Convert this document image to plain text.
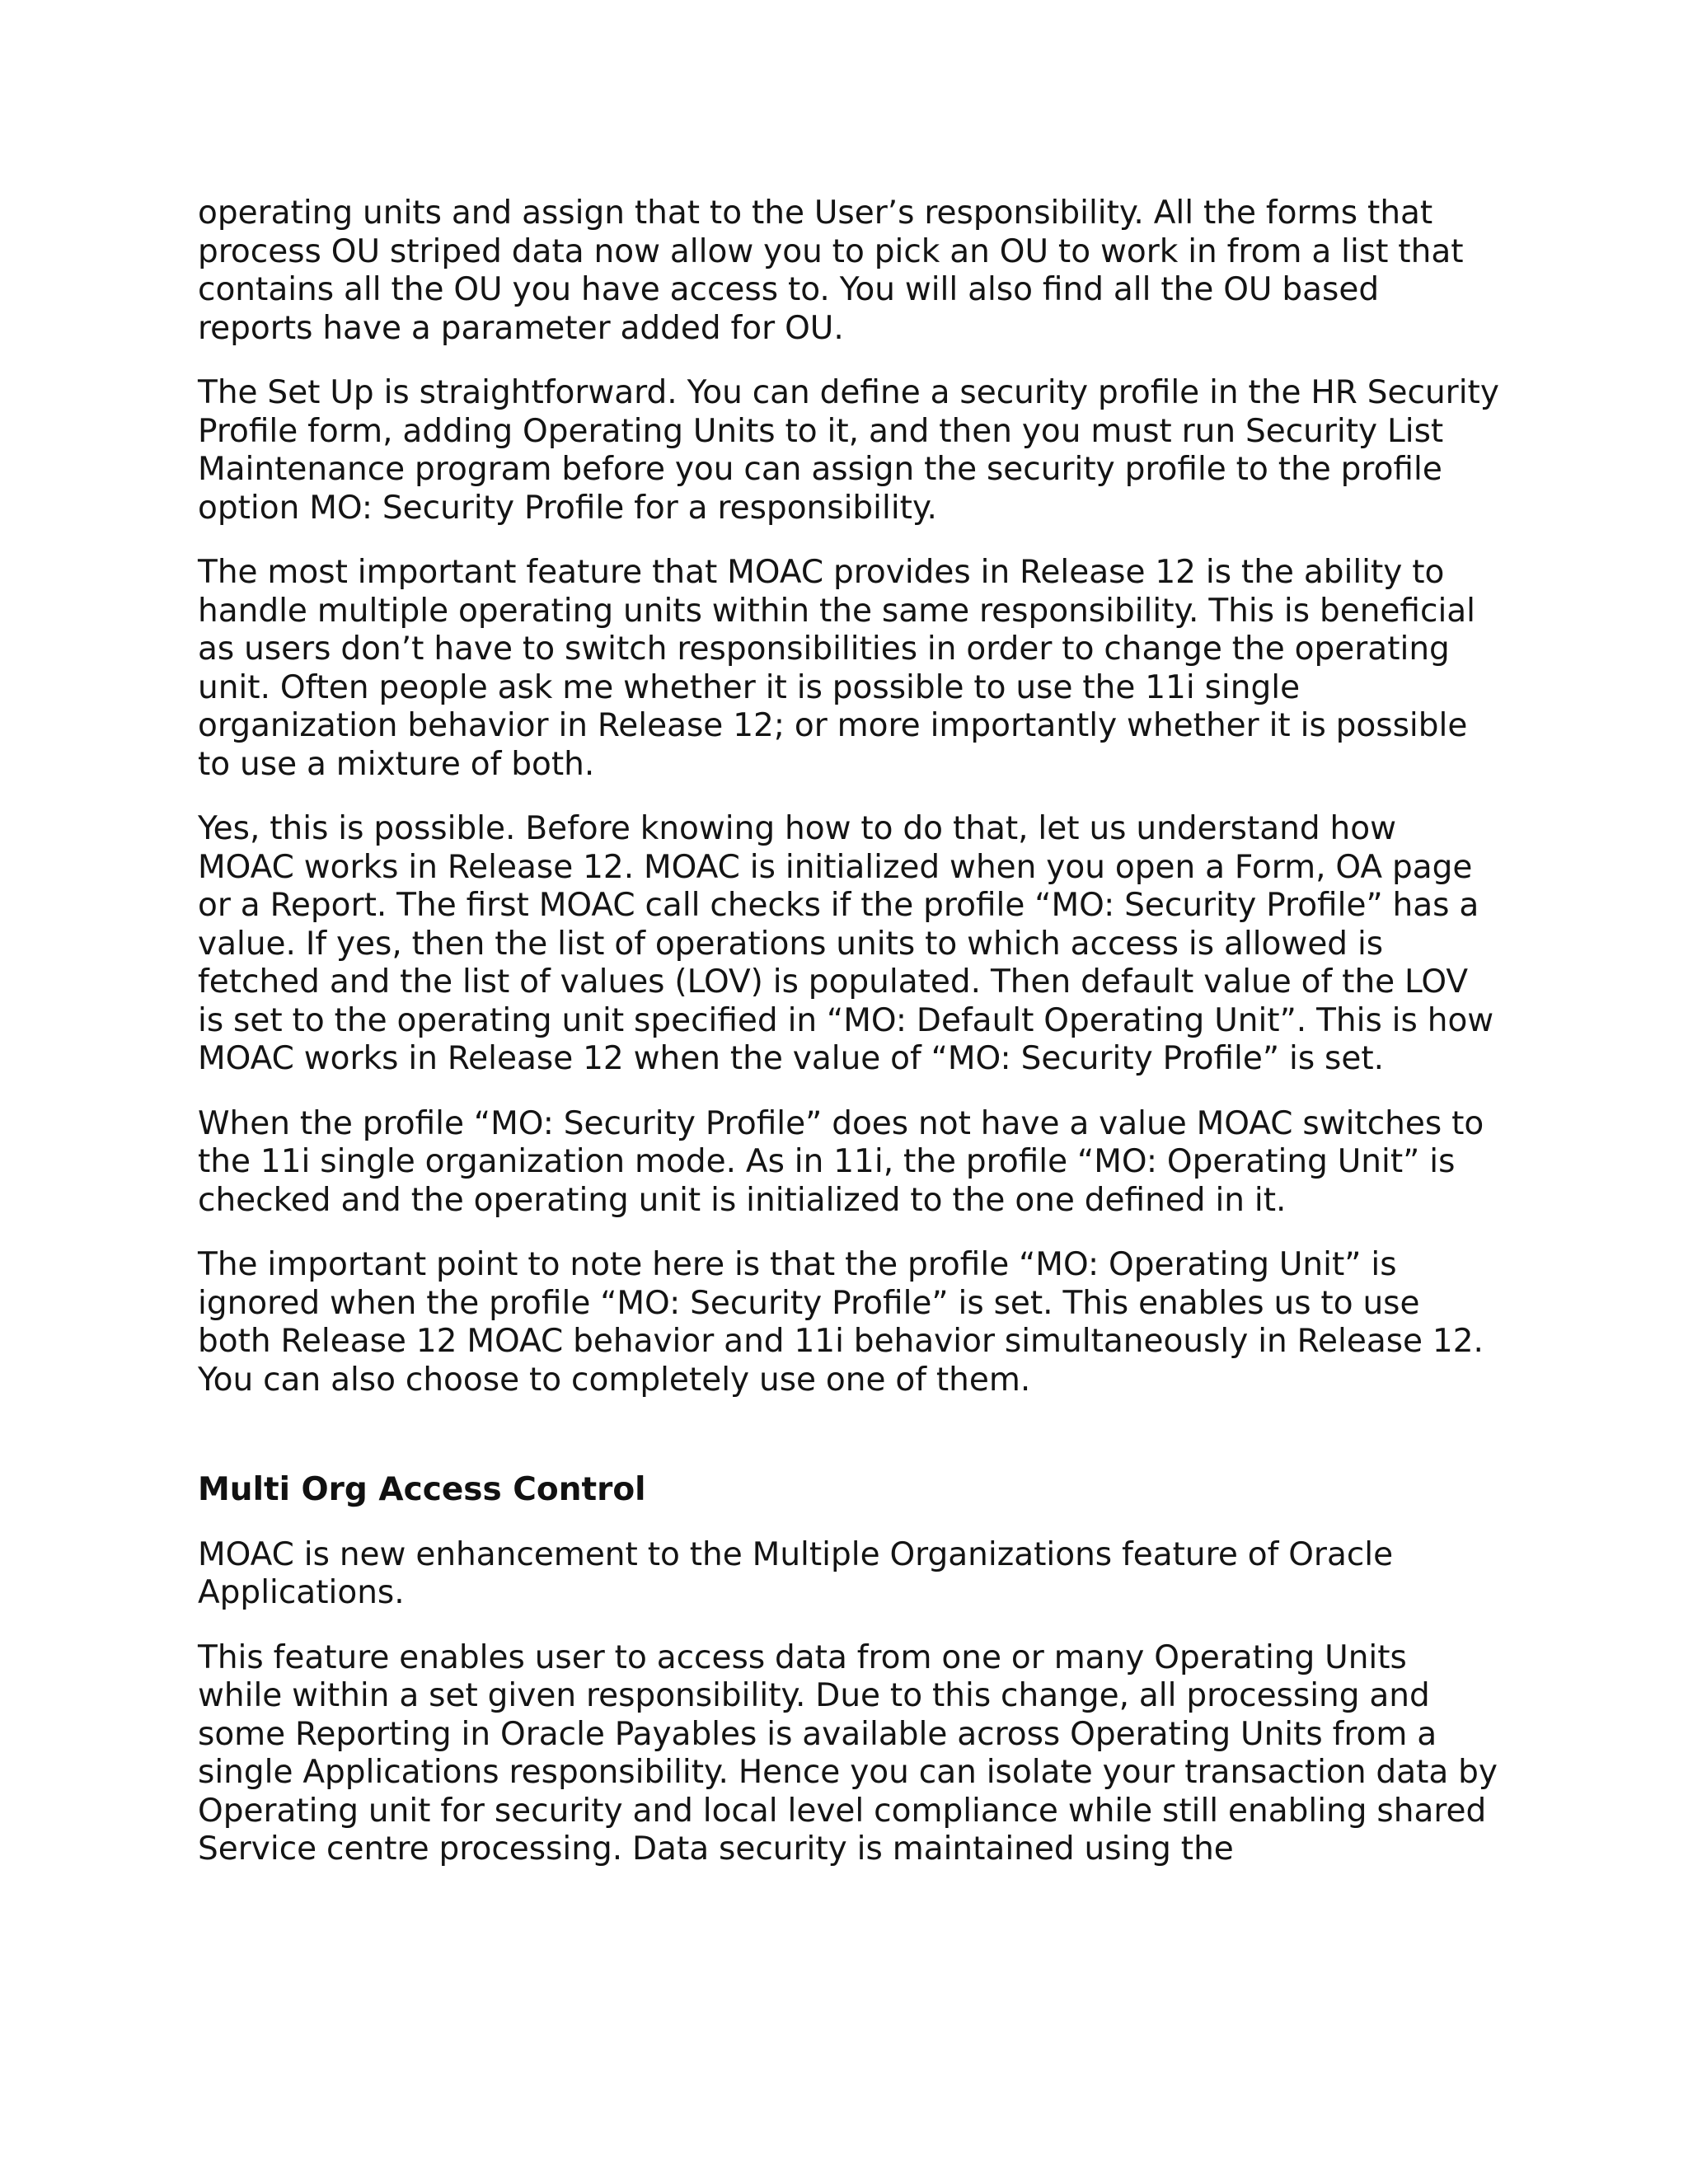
operating units and assign that to the User’s responsibility. All the forms that process OU striped data now allow you to pick an OU to work in from a list that contains all the OU you have access to. You will also find all the OU based reports have a parameter added for OU.

The Set Up is straightforward. You can define a security profile in the HR Security Profile form, adding Operating Units to it, and then you must run Security List Maintenance program before you can assign the security profile to the profile option MO: Security Profile for a responsibility.

The most important feature that MOAC provides in Release 12 is the ability to handle multiple operating units within the same responsibility. This is beneficial as users don’t have to switch responsibilities in order to change the operating unit. Often people ask me whether it is possible to use the 11i single organization behavior in Release 12; or more importantly whether it is possible to use a mixture of both.

Yes, this is possible. Before knowing how to do that, let us understand how MOAC works in Release 12. MOAC is initialized when you open a Form, OA page or a Report. The first MOAC call checks if the profile “MO: Security Profile” has a value. If yes, then the list of operations units to which access is allowed is fetched and the list of values (LOV) is populated. Then default value of the LOV is set to the operating unit specified in “MO: Default Operating Unit”. This is how MOAC works in Release 12 when the value of “MO: Security Profile” is set.

When the profile “MO: Security Profile” does not have a value MOAC switches to the 11i single organization mode. As in 11i, the profile “MO: Operating Unit” is checked and the operating unit is initialized to the one defined in it.

The important point to note here is that the profile “MO: Operating Unit” is ignored when the profile “MO: Security Profile” is set. This enables us to use both Release 12 MOAC behavior and 11i behavior simultaneously in Release 12. You can also choose to completely use one of them.

Multi Org Access Control

MOAC is new enhancement to the Multiple Organizations feature of Oracle Applications.

This feature enables user to access data from one or many Operating Units while within a set given responsibility. Due to this change, all processing and some Reporting in Oracle Payables is available across Operating Units from a single Applications responsibility. Hence you can isolate your transaction data by Operating unit for security and local level compliance while still enabling shared Service centre processing. Data security is maintained using the
